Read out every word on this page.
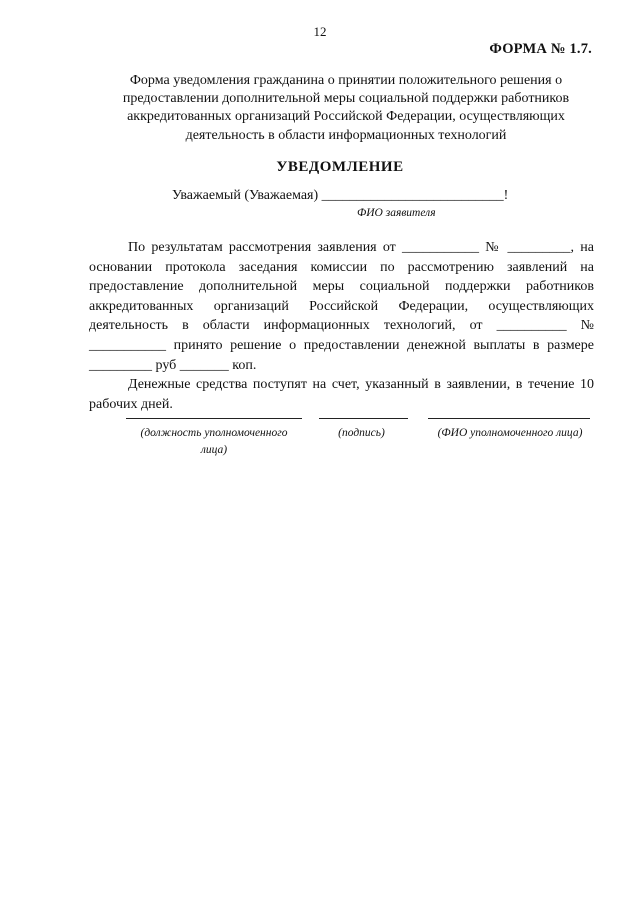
12
ФОРМА № 1.7.
Форма уведомления гражданина о принятии положительного решения о предоставлении дополнительной меры социальной поддержки работников аккредитованных организаций Российской Федерации, осуществляющих деятельность в области информационных технологий
УВЕДОМЛЕНИЕ
Уважаемый (Уважаемая) __________________________!
ФИО заявителя

По результатам рассмотрения заявления от ___________ № _________, на основании протокола заседания комиссии по рассмотрению заявлений на предоставление дополнительной меры социальной поддержки работников аккредитованных организаций Российской Федерации, осуществляющих деятельность в области информационных технологий, от __________ № ___________ принято решение о предоставлении денежной выплаты в размере _________ руб _______ коп.

Денежные средства поступят на счет, указанный в заявлении, в течение 10 рабочих дней.

(должность уполномоченного лица)
(подпись)	(ФИО уполномоченного лица)
